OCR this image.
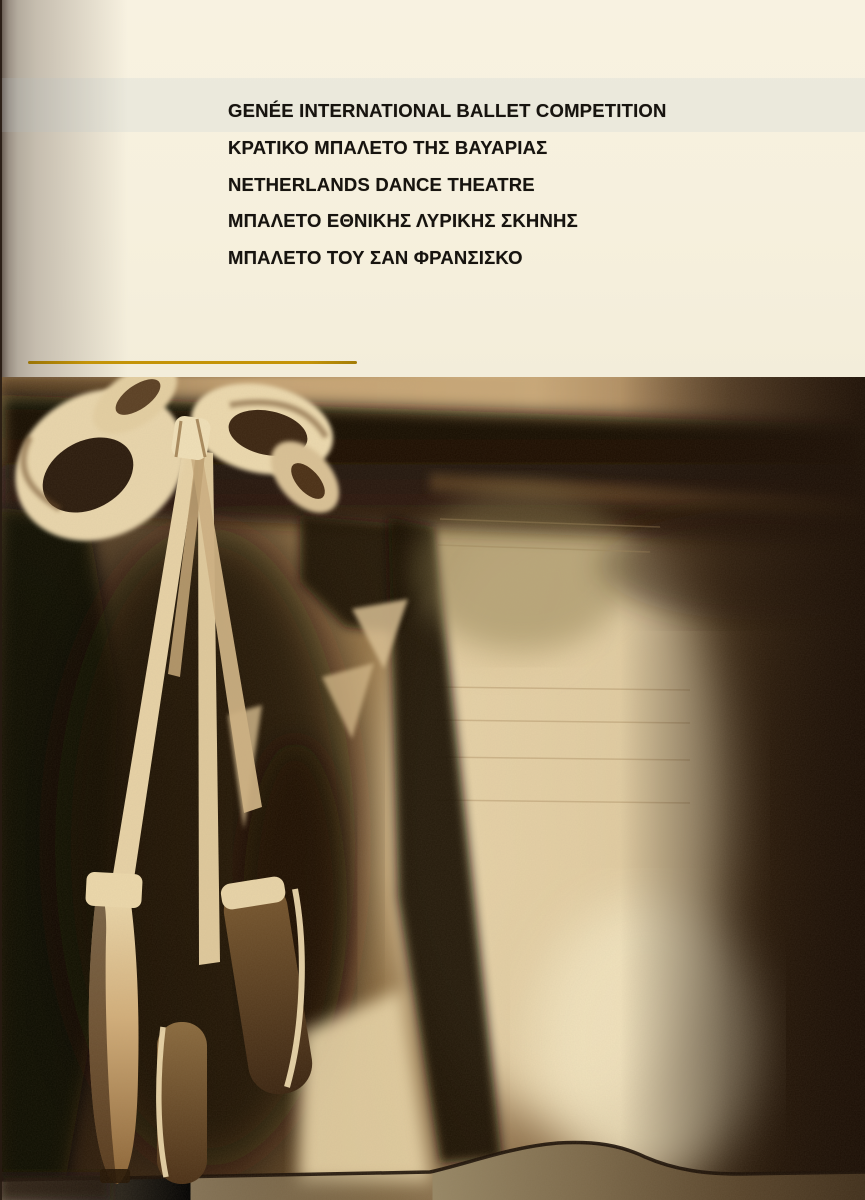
GENÉE INTERNATIONAL BALLET COMPETITION
ΚΡΑΤΙΚΟ ΜΠΑΛΕΤΟ ΤΗΣ ΒΑΥΑΡΙΑΣ
NETHERLANDS DANCE THEATRE
ΜΠΑΛΕΤΟ ΕΘΝΙΚΗΣ ΛΥΡΙΚΗΣ ΣΚΗΝΗΣ
ΜΠΑΛΕΤΟ ΤΟΥ ΣΑΝ ΦΡΑΝΣΙΣΚΟ
